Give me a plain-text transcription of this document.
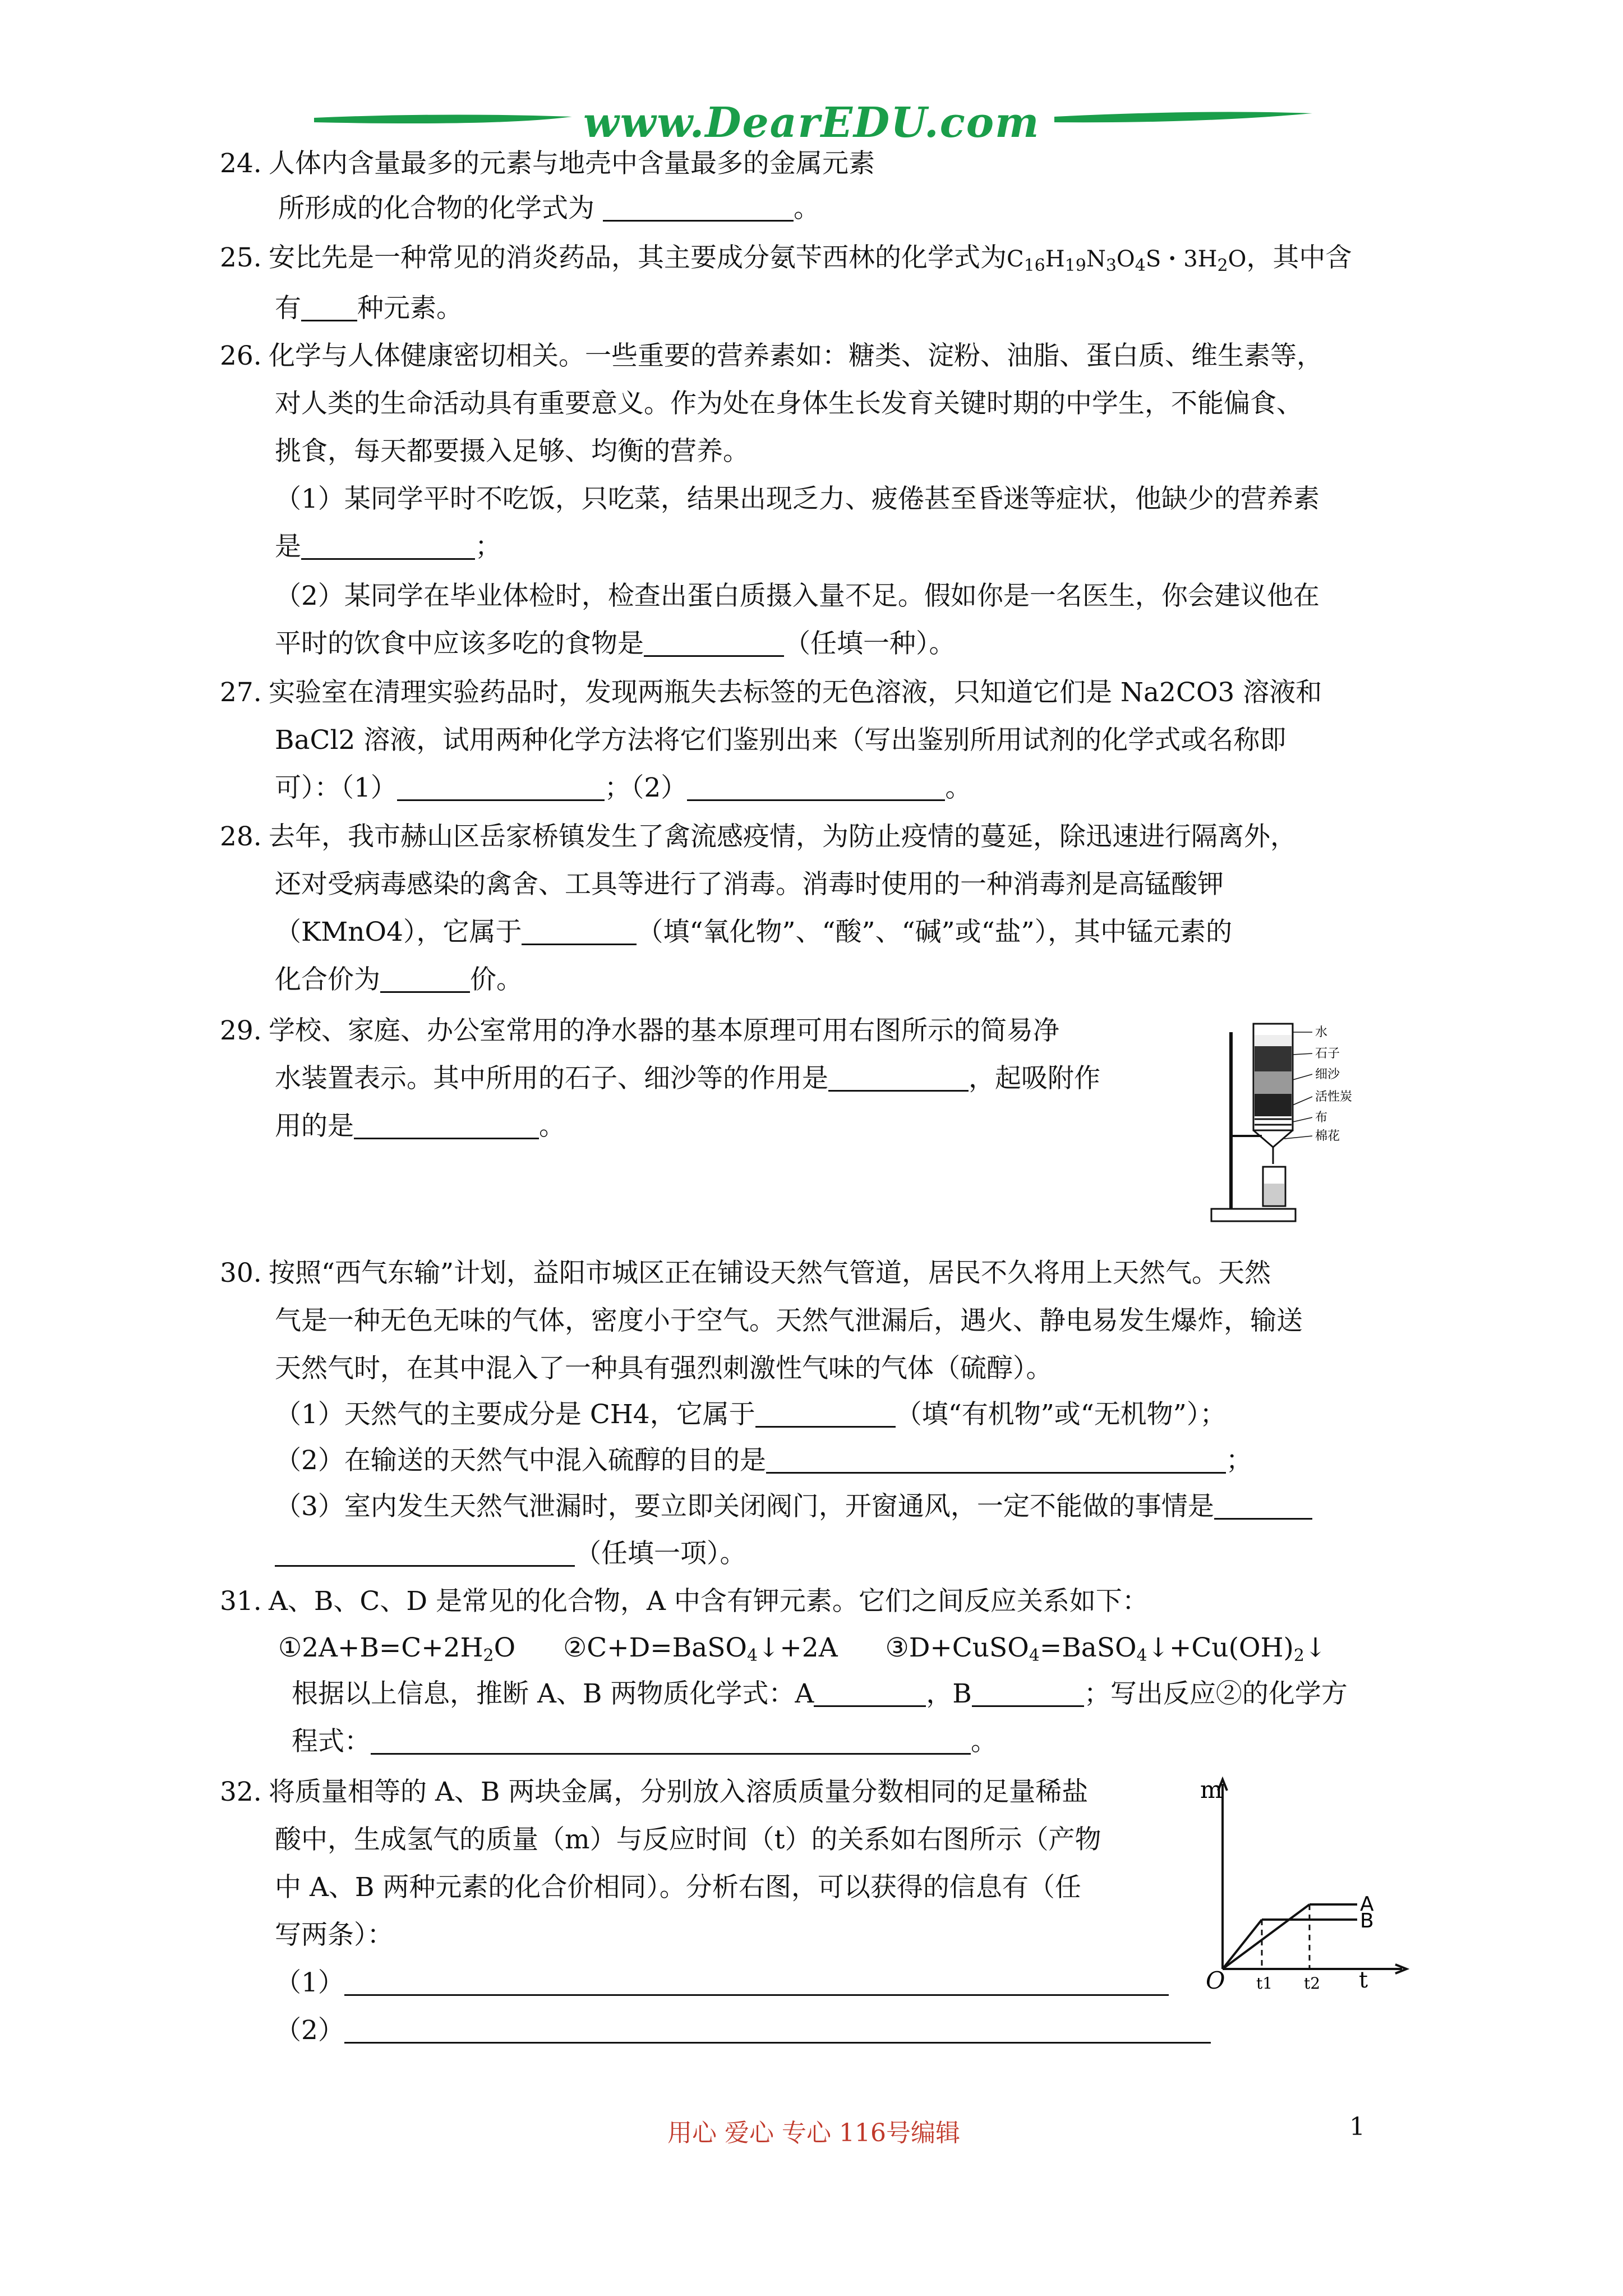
www.DearEDU.com
24. 人体内含量最多的元素与地壳中含量最多的金属元素
所形成的化合物的化学式为	。
25. 安比先是一种常见的消炎药品，其主要成分氨苄西林的化学式为$C_{16}H_{19}N_3O_4S$・$3H_2O$，其中含
有 种元素。
26. 化学与人体健康密切相关。一些重要的营养素如：糖类、淀粉、油脂、蛋白质、维生素等，
对人类的生命活动具有重要意义。作为处在身体生长发育关键时期的中学生，不能偏食、
挑食，每天都要摄入足够、均衡的营养。
（1）某同学平时不吃饭，只吃菜，结果出现乏力、疲倦甚至昏迷等症状，他缺少的营养素
是	；
（2）某同学在毕业体检时，检查出蛋白质摄入量不足。假如你是一名医生，你会建议他在
平时的饮食中应该多吃的食物是	（任填一种）。
27. 实验室在清理实验药品时，发现两瓶失去标签的无色溶液，只知道它们是 Na2CO3 溶液和
BaCl2 溶液，试用两种化学方法将它们鉴别出来（写出鉴别所用试剂的化学式或名称即
可）：（1）	；（2）	。
28. 去年，我市赫山区岳家桥镇发生了禽流感疫情，为防止疫情的蔓延，除迅速进行隔离外，
还对受病毒感染的禽舍、工具等进行了消毒。消毒时使用的一种消毒剂是高锰酸钾
（KMnO4），它属于	（填“氧化物”、“酸”、“碱”或“盐”），其中锰元素的
化合价为	价。
29. 学校、家庭、办公室常用的净水器的基本原理可用右图所示的简易净
水装置表示。其中所用的石子、细沙等的作用是	，起吸附作
用的是	。
水
石子
细沙
活性炭
布
棉花
30. 按照“西气东输”计划，益阳市城区正在铺设天然气管道，居民不久将用上天然气。天然
气是一种无色无味的气体，密度小于空气。天然气泄漏后，遇火、静电易发生爆炸，输送
天然气时，在其中混入了一种具有强烈刺激性气味的气体（硫醇）。
（1）天然气的主要成分是 CH4，它属于	（填“有机物”或“无机物”）；
（2）在输送的天然气中混入硫醇的目的是	；
（3）室内发生天然气泄漏时，要立即关闭阀门，开窗通风，一定不能做的事情是
（任填一项）。
31. A、B、C、D 是常见的化合物，A 中含有钾元素。它们之间反应关系如下：
$①2A+B=C+2H_2O$ ②C+D=BaSO$_4$↓+2A $③D+CuSO_4=BaSO_4↓+Cu(OH)_2↓$
根据以上信息，推断 A、B 两物质化学式：A	，B	；写出反应②的化学方
程式：	。
32. 将质量相等的 A、B 两块金属，分别放入溶质质量分数相同的足量稀盐
酸中，生成氢气的质量（m）与反应时间（t）的关系如右图所示（产物
中 A、B 两种元素的化合价相同）。分析右图，可以获得的信息有（任
写两条）：
（1）
（2）
m
O t1 t2 t
A
B
用心 爱心 专心 116号编辑	1
